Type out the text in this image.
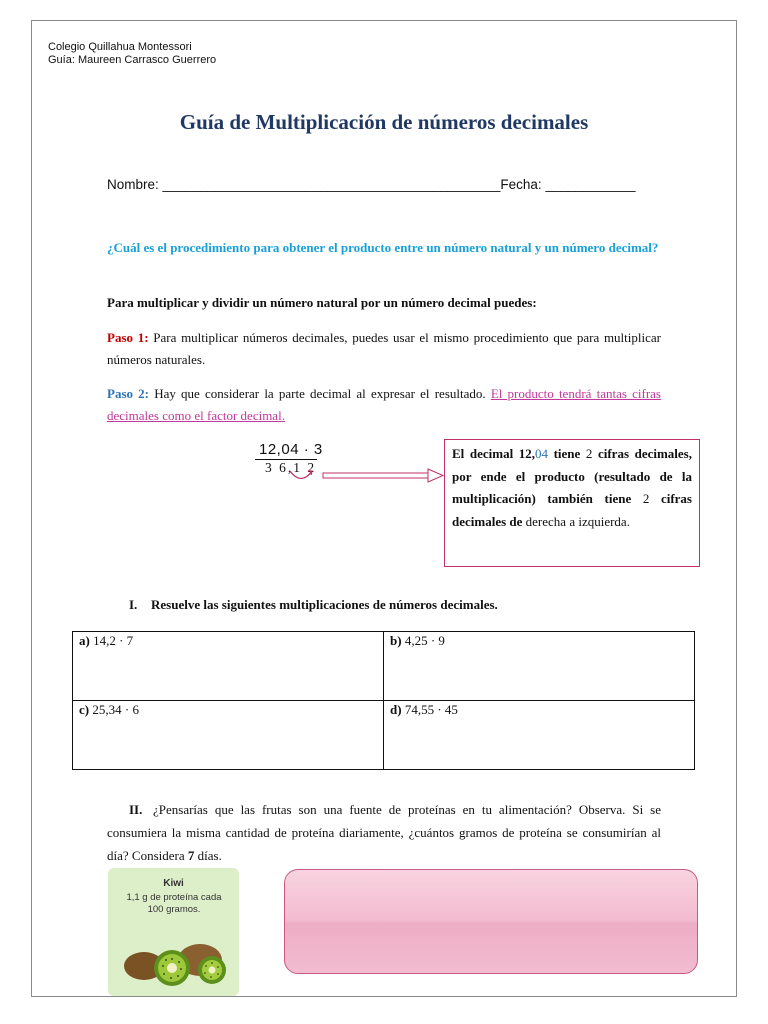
Colegio Quillahua Montessori
Guía: Maureen Carrasco Guerrero
Guía de Multiplicación de números decimales
Nombre: _____________________________________________Fecha: ____________
¿Cuál es el procedimiento para obtener el producto entre un número natural y un número decimal?
Para multiplicar y dividir un número natural por un número decimal puedes:
Paso 1: Para multiplicar números decimales, puedes usar el mismo procedimiento que para multiplicar números naturales.
Paso 2: Hay que considerar la parte decimal al expresar el resultado. El producto tendrá tantas cifras decimales como el factor decimal.
12,04 · 3
3 6,1 2
El decimal 12,04 tiene 2 cifras decimales, por ende el producto (resultado de la multiplicación) también tiene 2 cifras decimales de derecha a izquierda.
I. Resuelve las siguientes multiplicaciones de números decimales.
a) 14,2 · 7	b) 4,25 · 9
c) 25,34 · 6	d) 74,55 · 45
II. ¿Pensarías que las frutas son una fuente de proteínas en tu alimentación? Observa. Si se consumiera la misma cantidad de proteína diariamente, ¿cuántos gramos de proteína se consumirían al día? Considera 7 días.
Kiwi
1,1 g de proteína cada 100 gramos.
